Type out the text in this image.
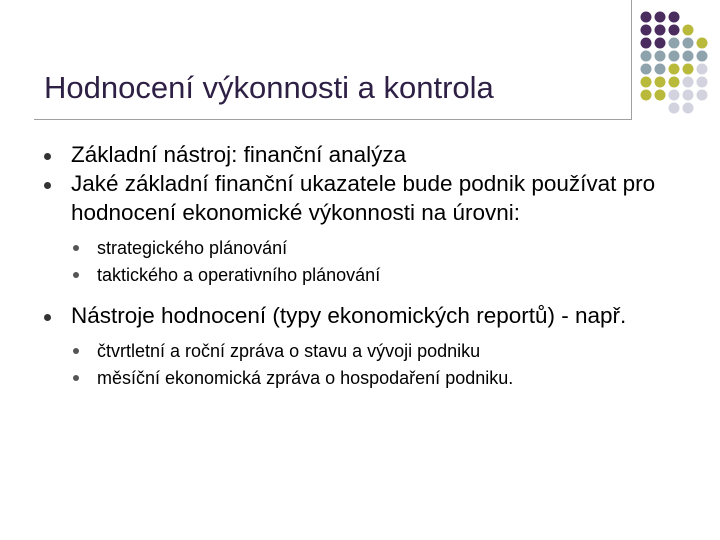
Hodnocení výkonnosti a kontrola
Základní nástroj: finanční analýza
Jaké základní finanční ukazatele bude podnik používat pro hodnocení ekonomické výkonnosti na úrovni:
strategického plánování
taktického a operativního plánování
Nástroje hodnocení (typy ekonomických reportů) - např.
čtvrtletní a roční zpráva o stavu a vývoji podniku
měsíční ekonomická zpráva o hospodaření podniku.
